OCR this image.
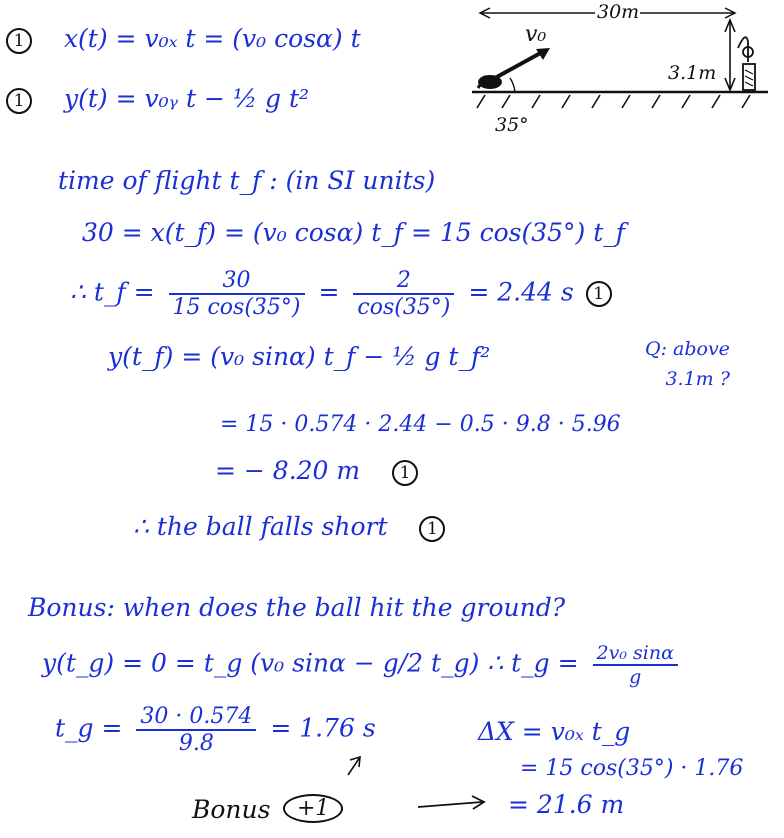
30m
3.1m
v₀
35°
1 x(t) = v₀ₓ t = (v₀ cosα) t
1 y(t) = v₀ᵧ t − ½ g t²
time of flight t_f : (in SI units)
30 = x(t_f) = (v₀ cosα) t_f = 15 cos(35°) t_f
∴ t_f = $\frac{30}{15 \cos(35^\circ)} = \frac{2}{\cos(35^\circ)} = 2.44$ s 1
y(t_f) = (v₀ sinα) t_f − ½ g t_f²	Q: above
3.1m ?
= 15 · 0.574 · 2.44 − 0.5 · 9.8 · 5.96
= − 8.20 m 1
∴ the ball falls short 1
Bonus: when does the ball hit the ground?
y(t_g) = 0 = t_g (v₀ sinα − g/2 t_g) ∴ t_g = $\frac{\text{2v₀ sinα}}{g}$
t_g = $\frac{30 \cdot 0.574}{9.8} = 1.76$ s	ΔX = v₀ₓ t_g
= 15 cos(35°) · 1.76
= 21.6 m
Bonus	+1
